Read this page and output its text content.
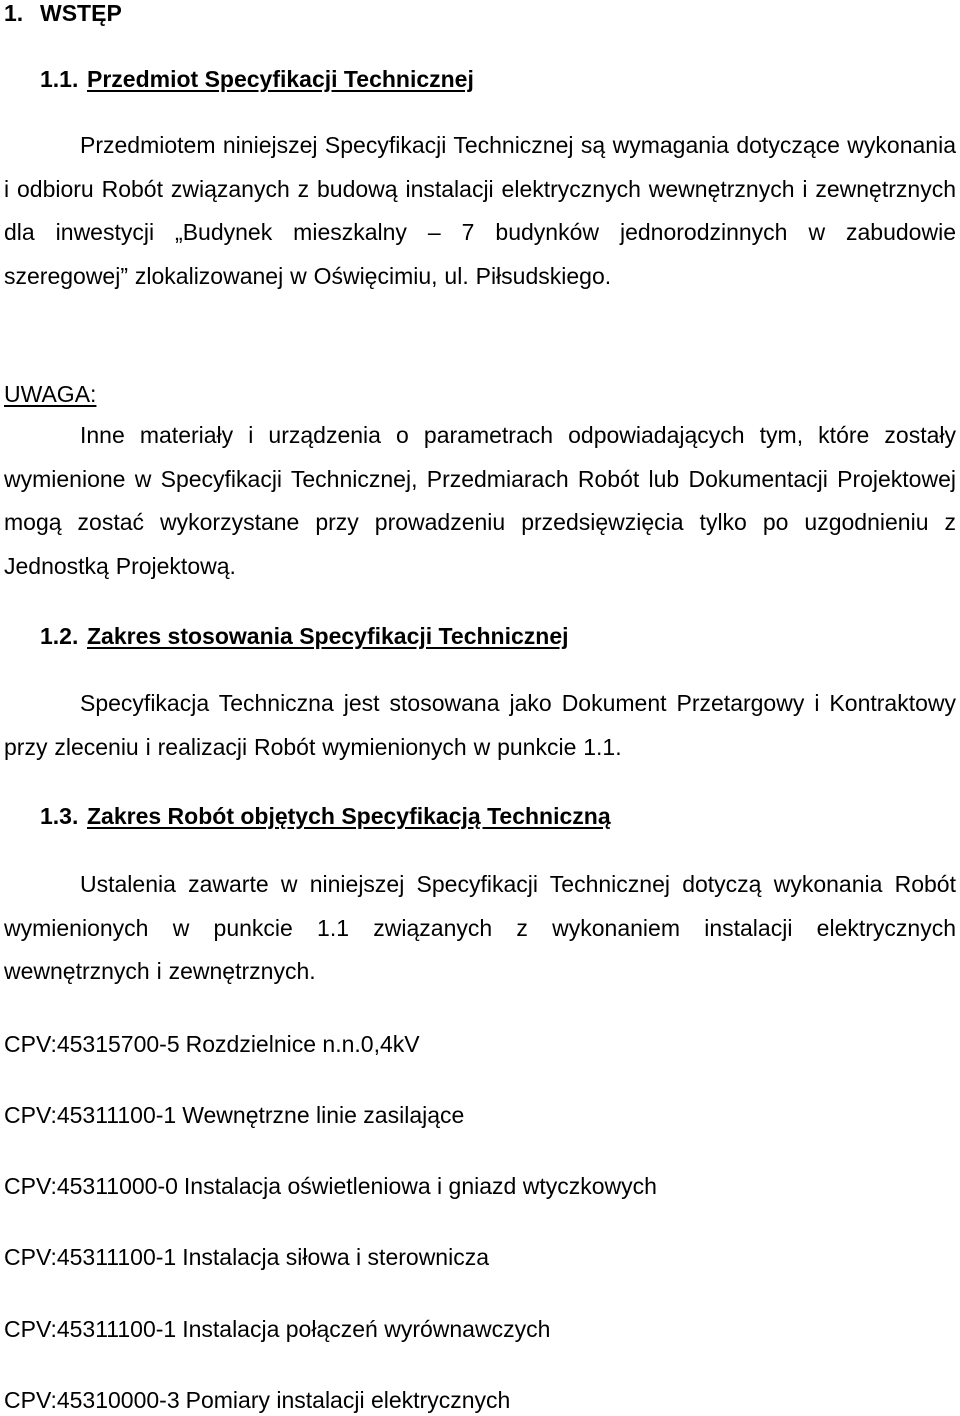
1. WSTĘP
1.1. Przedmiot Specyfikacji Technicznej
Przedmiotem niniejszej Specyfikacji Technicznej są wymagania dotyczące wykonania i odbioru Robót związanych z budową instalacji elektrycznych wewnętrznych i zewnętrznych dla inwestycji „Budynek mieszkalny – 7 budynków jednorodzinnych w zabudowie szeregowej” zlokalizowanej w Oświęcimiu, ul. Piłsudskiego.
UWAGA:
Inne materiały i urządzenia o parametrach odpowiadających tym, które zostały wymienione w Specyfikacji Technicznej, Przedmiarach Robót lub Dokumentacji Projektowej mogą zostać wykorzystane przy prowadzeniu przedsięwzięcia tylko po uzgodnieniu z Jednostką Projektową.
1.2. Zakres stosowania Specyfikacji Technicznej
Specyfikacja Techniczna jest stosowana jako Dokument Przetargowy i Kontraktowy przy zleceniu i realizacji Robót wymienionych w punkcie 1.1.
1.3. Zakres Robót objętych Specyfikacją Techniczną
Ustalenia zawarte w niniejszej Specyfikacji Technicznej dotyczą wykonania Robót wymienionych w punkcie 1.1 związanych z wykonaniem instalacji elektrycznych wewnętrznych i zewnętrznych.
CPV:45315700-5 Rozdzielnice n.n.0,4kV
CPV:45311100-1 Wewnętrzne linie zasilające
CPV:45311000-0 Instalacja oświetleniowa i gniazd wtyczkowych
CPV:45311100-1 Instalacja siłowa i sterownicza
CPV:45311100-1 Instalacja połączeń wyrównawczych
CPV:45310000-3 Pomiary instalacji elektrycznych
